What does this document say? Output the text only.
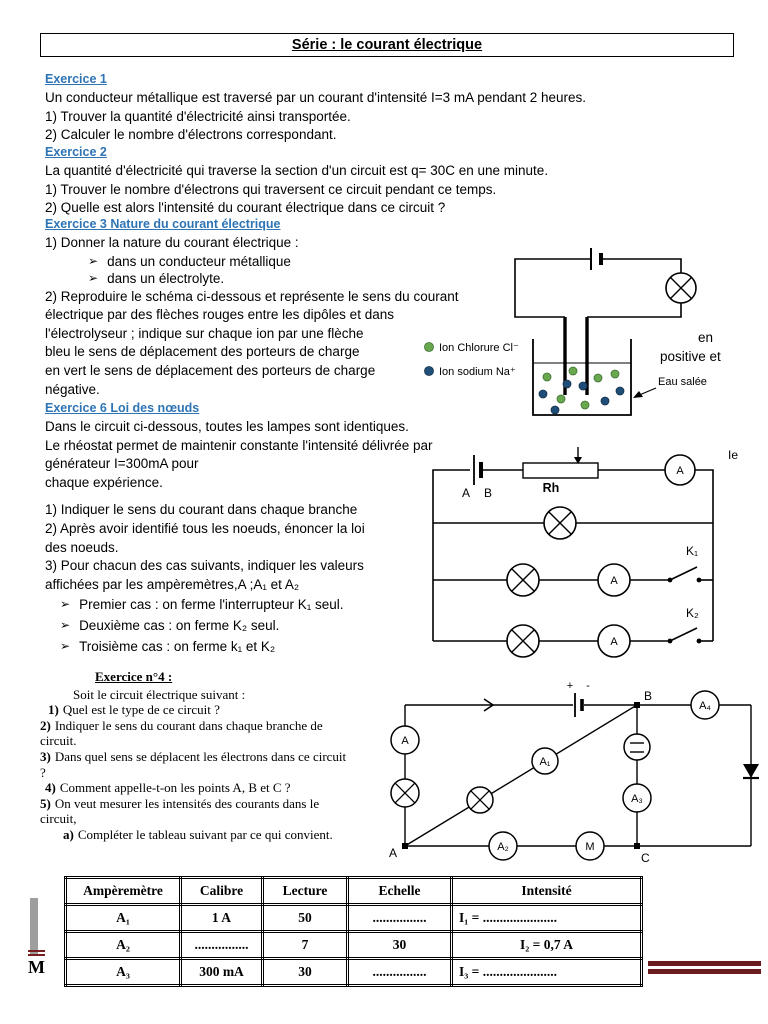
Série : le courant électrique
Exercice 1
Un conducteur métallique est traversé par un courant d'intensité I=3 mA pendant 2 heures.
1) Trouver la quantité d'électricité ainsi transportée.
2) Calculer le nombre d'électrons correspondant.
Exercice 2
La quantité d'électricité qui traverse la section d'un circuit est q= 30C en une minute.
1) Trouver le nombre d'électrons qui traversent ce circuit pendant ce temps.
2) Quelle est alors l'intensité du courant électrique dans ce circuit ?
Exercice 3 Nature du courant électrique
1) Donner la nature du courant électrique :
➢ dans un conducteur métallique
➢ dans un électrolyte.
2) Reproduire le schéma ci-dessous et représente le sens du courant
électrique par des flèches rouges entre les dipôles et dans
l'électrolyseur ; indique sur chaque ion par une flèche
bleu le sens de déplacement des porteurs de charge
en vert le sens de déplacement des porteurs de charge
négative.
en
positive et
Ion Chlorure Cl⁻
Ion sodium Na⁺
Eau salée
Exercice 6 Loi des nœuds
Dans le circuit ci-dessous, toutes les lampes sont identiques.
Le rhéostat permet de maintenir constante l'intensité délivrée par
générateur I=300mA pour
chaque expérience.
1) Indiquer le sens du courant dans chaque branche
2) Après avoir identifié tous les noeuds, énoncer la loi
des noeuds.
3) Pour chacun des cas suivants, indiquer les valeurs
affichées par les ampèremètres,A ;A₁ et A₂
➢ Premier cas : on ferme l'interrupteur K₁ seul.
➢ Deuxième cas : on ferme K₂ seul.
➢ Troisième cas : on ferme k₁ et K₂
A B	Rh
A
Ie
A
K₁
A
K₂
Exercice n°4 :
Soit le circuit électrique suivant :
1) Quel est le type de ce circuit ?
2) Indiquer le sens du courant dans chaque branche de
circuit.
3) Dans quel sens se déplacent les électrons dans ce circuit
?
4) Comment appelle-t-on les points A, B et C ?
5) On veut mesurer les intensités des courants dans le
circuit,
a) Compléter le tableau suivant par ce qui convient.
+ -
B
A₄
A
A₁
A₃
A₂	M
A	C
Ampèremètre	Calibre	Lecture	Echelle	Intensité
A₁	1 A	50	................	I₁ = ......................
A₂	................	7	30	I₂ = 0,7 A
A₃	300 mA	30	................	I₃ = ......................
M
